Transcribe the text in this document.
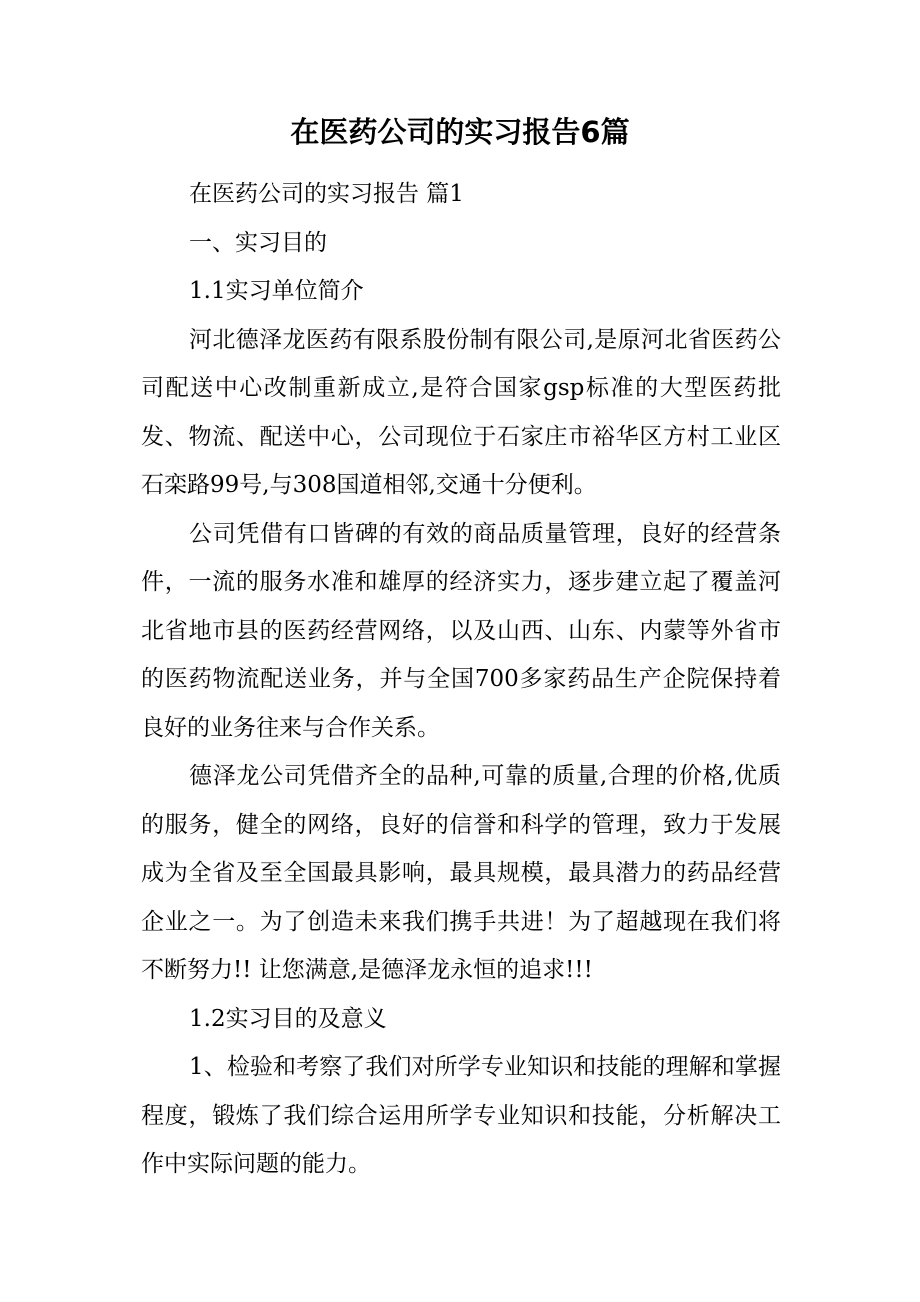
在医药公司的实习报告6篇

在医药公司的实习报告 篇1

一、实习目的

1.1实习单位简介

河北德泽龙医药有限系股份制有限公司,是原河北省医药公司配送中心改制重新成立,是符合国家gsp标准的大型医药批发、物流、配送中心，公司现位于石家庄市裕华区方村工业区石栾路99号,与308国道相邻,交通十分便利。

公司凭借有口皆碑的有效的商品质量管理，良好的经营条件，一流的服务水准和雄厚的经济实力，逐步建立起了覆盖河北省地市县的医药经营网络，以及山西、山东、内蒙等外省市的医药物流配送业务，并与全国700多家药品生产企院保持着良好的业务往来与合作关系。

德泽龙公司凭借齐全的品种,可靠的质量,合理的价格,优质的服务，健全的网络，良好的信誉和科学的管理，致力于发展成为全省及至全国最具影响，最具规模，最具潜力的药品经营企业之一。为了创造未来我们携手共进！为了超越现在我们将不断努力!! 让您满意,是德泽龙永恒的追求!!!

1.2实习目的及意义

1、检验和考察了我们对所学专业知识和技能的理解和掌握程度，锻炼了我们综合运用所学专业知识和技能，分析解决工作中实际问题的能力。
